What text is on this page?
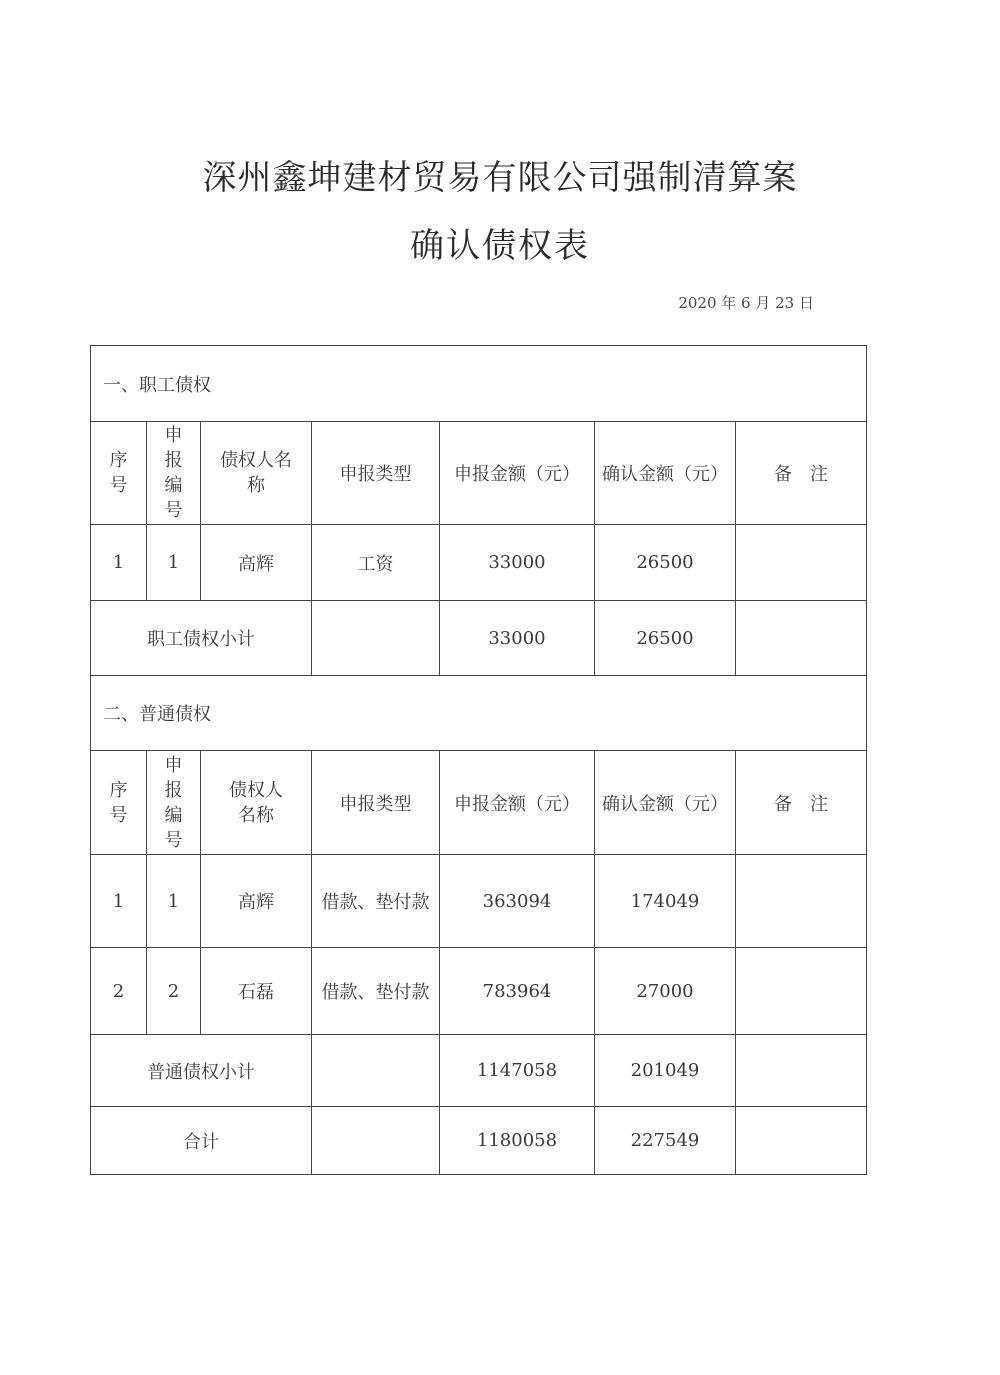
深州鑫坤建材贸易有限公司强制清算案
确认债权表
2020 年 6 月 23 日
一、职工债权						

序号	申报编号	债权人名称	申报类型	申报金额（元）	确认金额（元）	备注
1	1	高辉	工资	33000	26500	
职工债权小计				33000	26500	
二、普通债权						

序号	申报编号	债权人名称	申报类型	申报金额（元）	确认金额（元）	备注
1	1	高辉	借款、垫付款	363094	174049	
2	2	石磊	借款、垫付款	783964	27000	
普通债权小计				1147058	201049	
合计				1180058	227549	
